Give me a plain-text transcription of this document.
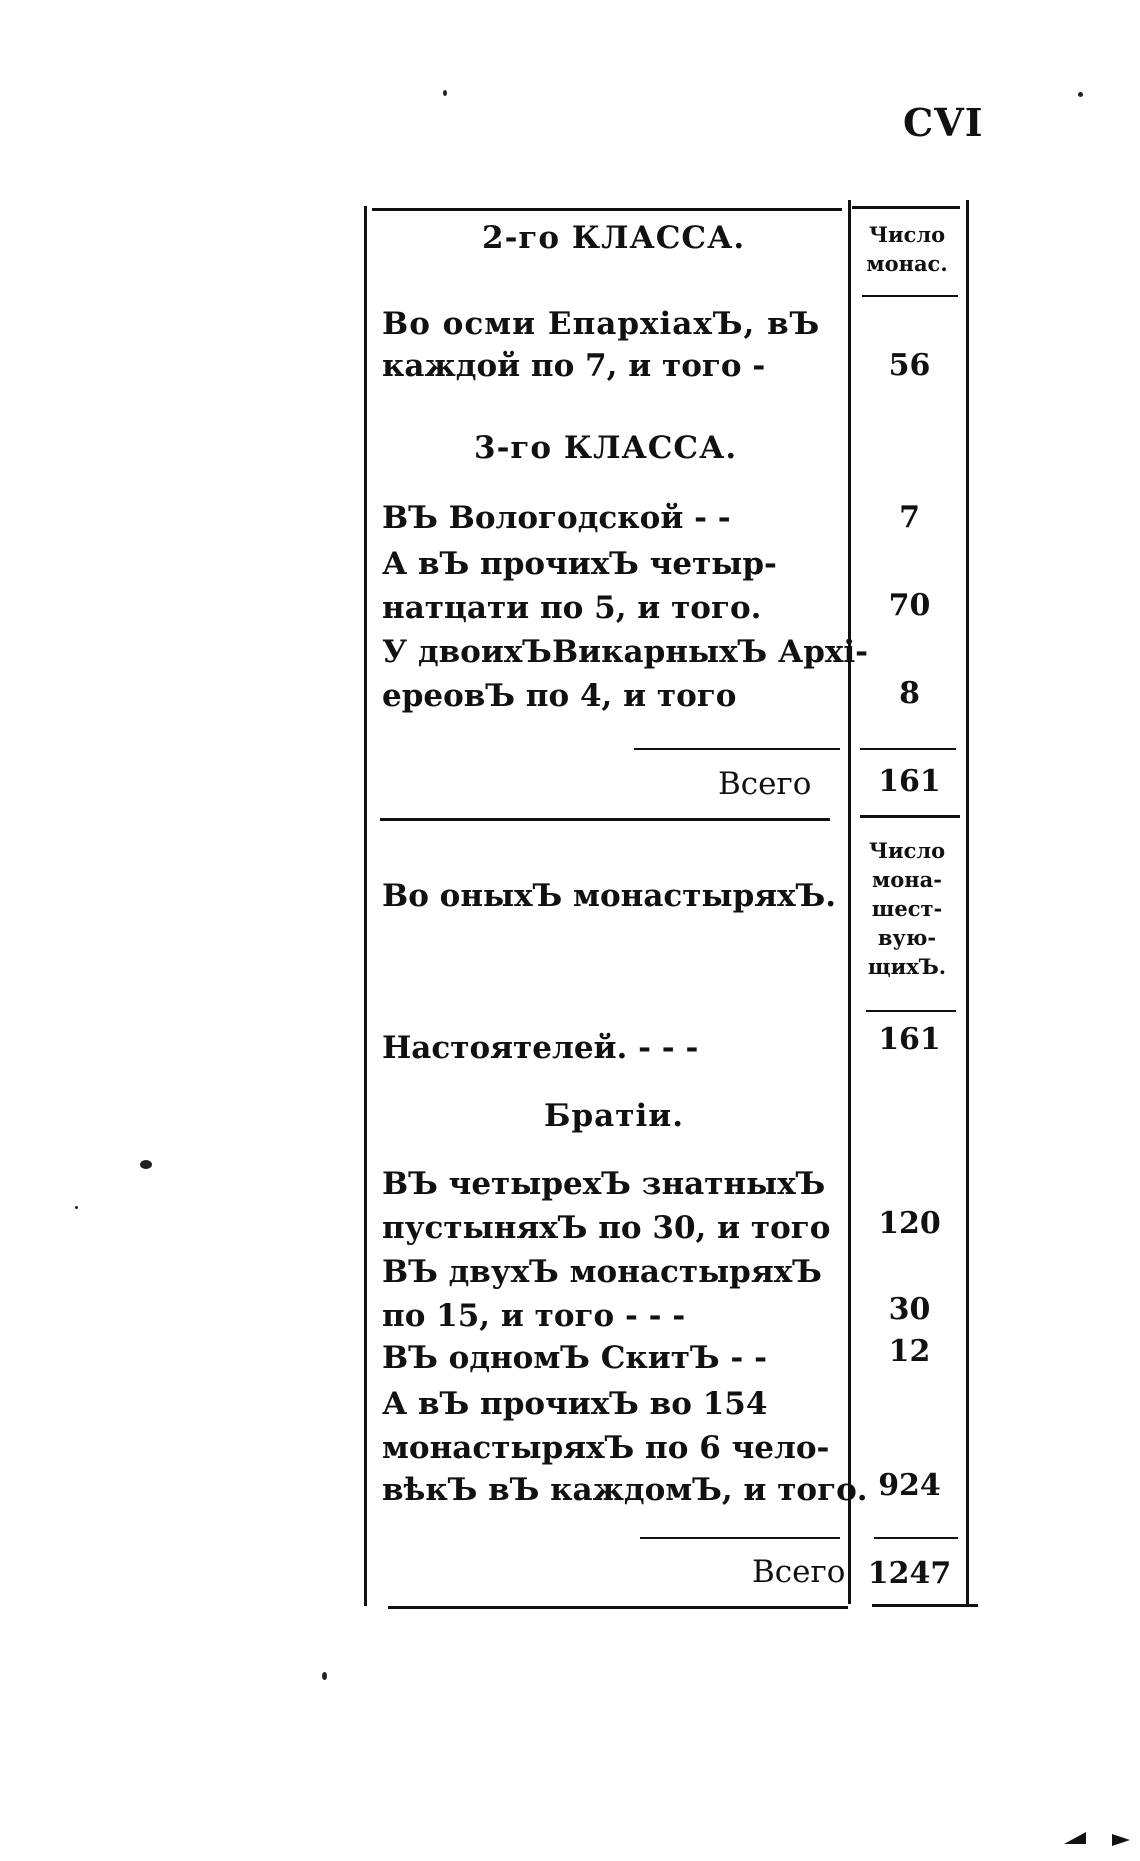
CVI
2-го КЛАССА.	Число
монас.
Во осми ЕпархiахЪ, вЪ
каждой по 7, и того -	56
3-го КЛАССА.
ВЪ Вологодской - -	7
А вЪ прочихЪ четыр-
натцати по 5, и того.	70
У двоихЪВикарныхЪ Архi-
ереовЪ по 4, и того	8
Всего	161
Во оныхЪ монастыряхЪ.
Число
мона-
шест-
вую-
щихЪ.
Настоятелей. - - -	161
Братiи.
ВЪ четырехЪ знатныхЪ
пустыняхЪ по 30, и того	120
ВЪ двухЪ монастыряхЪ
по 15, и того - - -	30
ВЪ одномЪ СкитЪ - -	12
А вЪ прочихЪ во 154
монастыряхЪ по 6 чело-
вѣкЪ вЪ каждомЪ, и того. 924
Всего 1247
